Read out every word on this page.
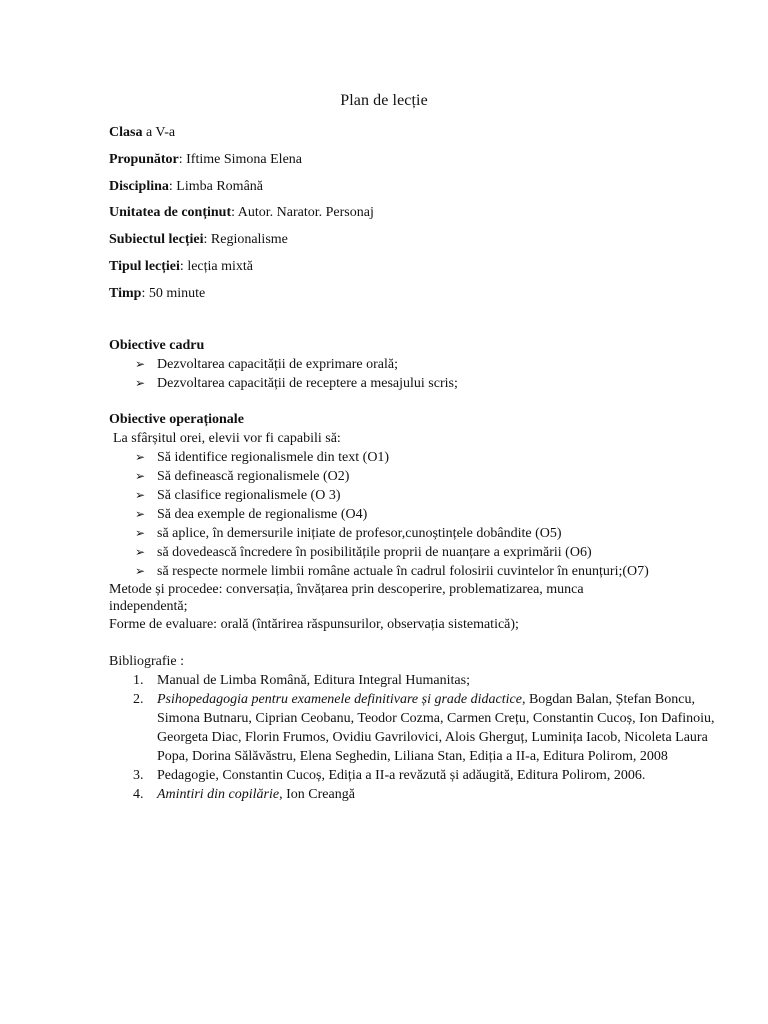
Plan de lecție
Clasa a V-a
Propunător: Iftime Simona Elena
Disciplina: Limba Română
Unitatea de conținut: Autor. Narator. Personaj
Subiectul lecției: Regionalisme
Tipul lecției: lecția mixtă
Timp: 50 minute
Obiective cadru
➢ Dezvoltarea capacității de exprimare orală;
➢ Dezvoltarea capacității de receptere a mesajului scris;
Obiective operaționale
La sfârșitul orei, elevii vor fi capabili să:
➢ Să identifice regionalismele din text (O1)
➢ Să definească regionalismele (O2)
➢ Să clasifice regionalismele (O 3)
➢ Să dea exemple de regionalisme (O4)
➢ să aplice, în demersurile inițiate de profesor,cunoștințele dobândite (O5)
➢ să dovedească încredere în posibilitățile proprii de nuanțare a exprimării (O6)
➢ să respecte normele limbii române actuale în cadrul folosirii cuvintelor în enunțuri;(O7)
Metode și procedee: conversația, învățarea prin descoperire, problematizarea, munca independentă;
Forme de evaluare: orală (întărirea răspunsurilor, observația sistematică);
Bibliografie :
1. Manual de Limba Română, Editura Integral Humanitas;
2. Psihopedagogia pentru examenele definitivare și grade didactice, Bogdan Balan, Ștefan Boncu, Simona Butnaru, Ciprian Ceobanu, Teodor Cozma, Carmen Crețu, Constantin Cucoș, Ion Dafinoiu, Georgeta Diac, Florin Frumos, Ovidiu Gavrilovici, Alois Gherguț, Luminița Iacob, Nicoleta Laura Popa, Dorina Sălăvăstru, Elena Seghedin, Liliana Stan, Ediția a II-a, Editura Polirom, 2008
3. Pedagogie, Constantin Cucoș, Ediția a II-a revăzută și adăugită, Editura Polirom, 2006.
4. Amintiri din copilărie, Ion Creangă
